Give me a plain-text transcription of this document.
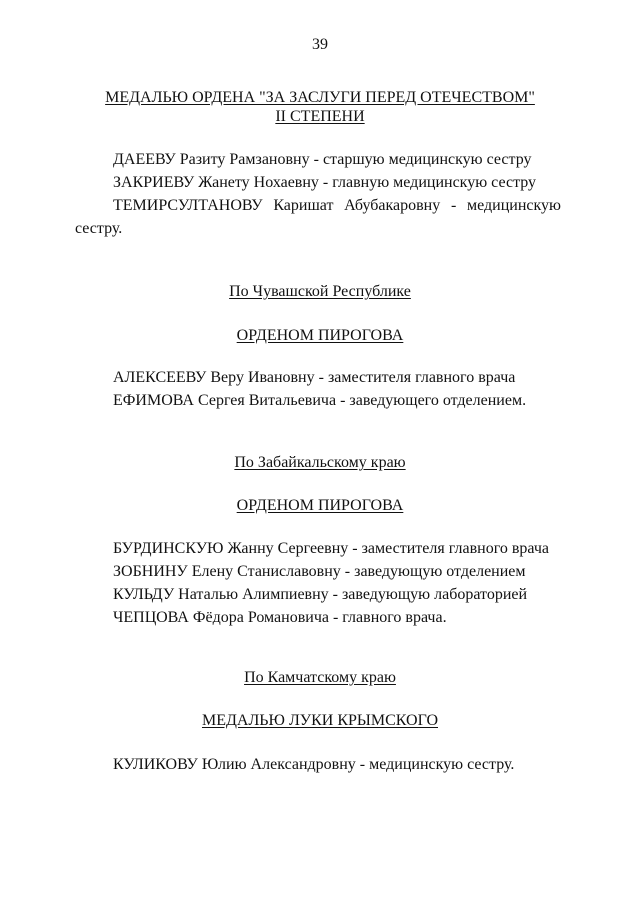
39
МЕДАЛЬЮ ОРДЕНА "ЗА ЗАСЛУГИ ПЕРЕД ОТЕЧЕСТВОМ"
II СТЕПЕНИ
ДАЕЕВУ Разиту Рамзановну - старшую медицинскую сестру
ЗАКРИЕВУ Жанету Нохаевну - главную медицинскую сестру
ТЕМИРСУЛТАНОВУ Каришат Абубакаровну - медицинскую
сестру.
По Чувашской Республике
ОРДЕНОМ ПИРОГОВА
АЛЕКСЕЕВУ Веру Ивановну - заместителя главного врача
ЕФИМОВА Сергея Витальевича - заведующего отделением.
По Забайкальскому краю
ОРДЕНОМ ПИРОГОВА
БУРДИНСКУЮ Жанну Сергеевну - заместителя главного врача
ЗОБНИНУ Елену Станиславовну - заведующую отделением
КУЛЬДУ Наталью Алимпиевну - заведующую лабораторией
ЧЕПЦОВА Фёдора Романовича - главного врача.
По Камчатскому краю
МЕДАЛЬЮ ЛУКИ КРЫМСКОГО
КУЛИКОВУ Юлию Александровну - медицинскую сестру.
